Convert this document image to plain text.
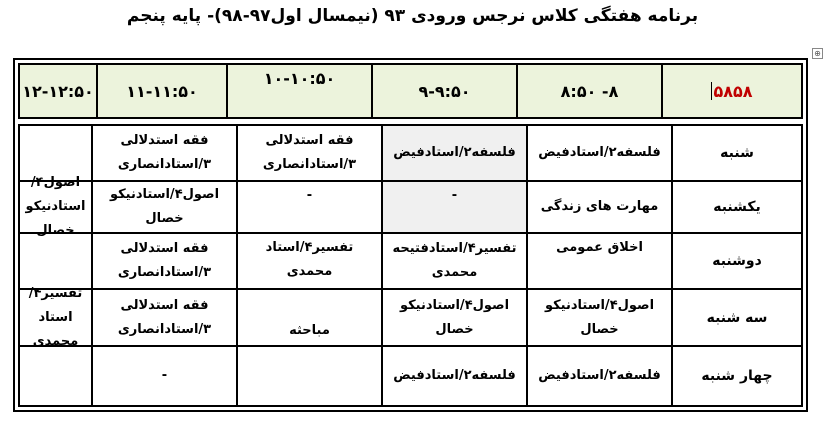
برنامه هفتگی کلاس نرجس ورودی ۹۳ (نیمسال اول۹۷-۹۸)- پایه پنجم
⊕
۵۸۵۸
۸- ۸:۵۰
۹-۹:۵۰
۱۰-۱۰:۵۰
۱۱-۱۱:۵۰
۱۲-۱۲:۵۰
شنبه
فلسفه۲/استادفیض
فلسفه۲/استادفیض
فقه استدلالی
۳/استادانصاری
فقه استدلالی
۳/استادانصاری
یکشنبه
مهارت های زندگی
-
-
اصول۴/استادنیکو
خصال
اصول۴/استادنیکو
خصال
دوشنبه
اخلاق عمومی
تفسیر۴/استادفتیحه
محمدی
تفسیر۴/استاد محمدی
فقه استدلالی
۳/استادانصاری
سه شنبه
اصول۴/استادنیکو
خصال
اصول۴/استادنیکو
خصال
مباحثه
فقه استدلالی
۳/استادانصاری
تفسیر۴/استاد محمدی
چهار شنبه
فلسفه۲/استادفیض
فلسفه۲/استادفیض
-
